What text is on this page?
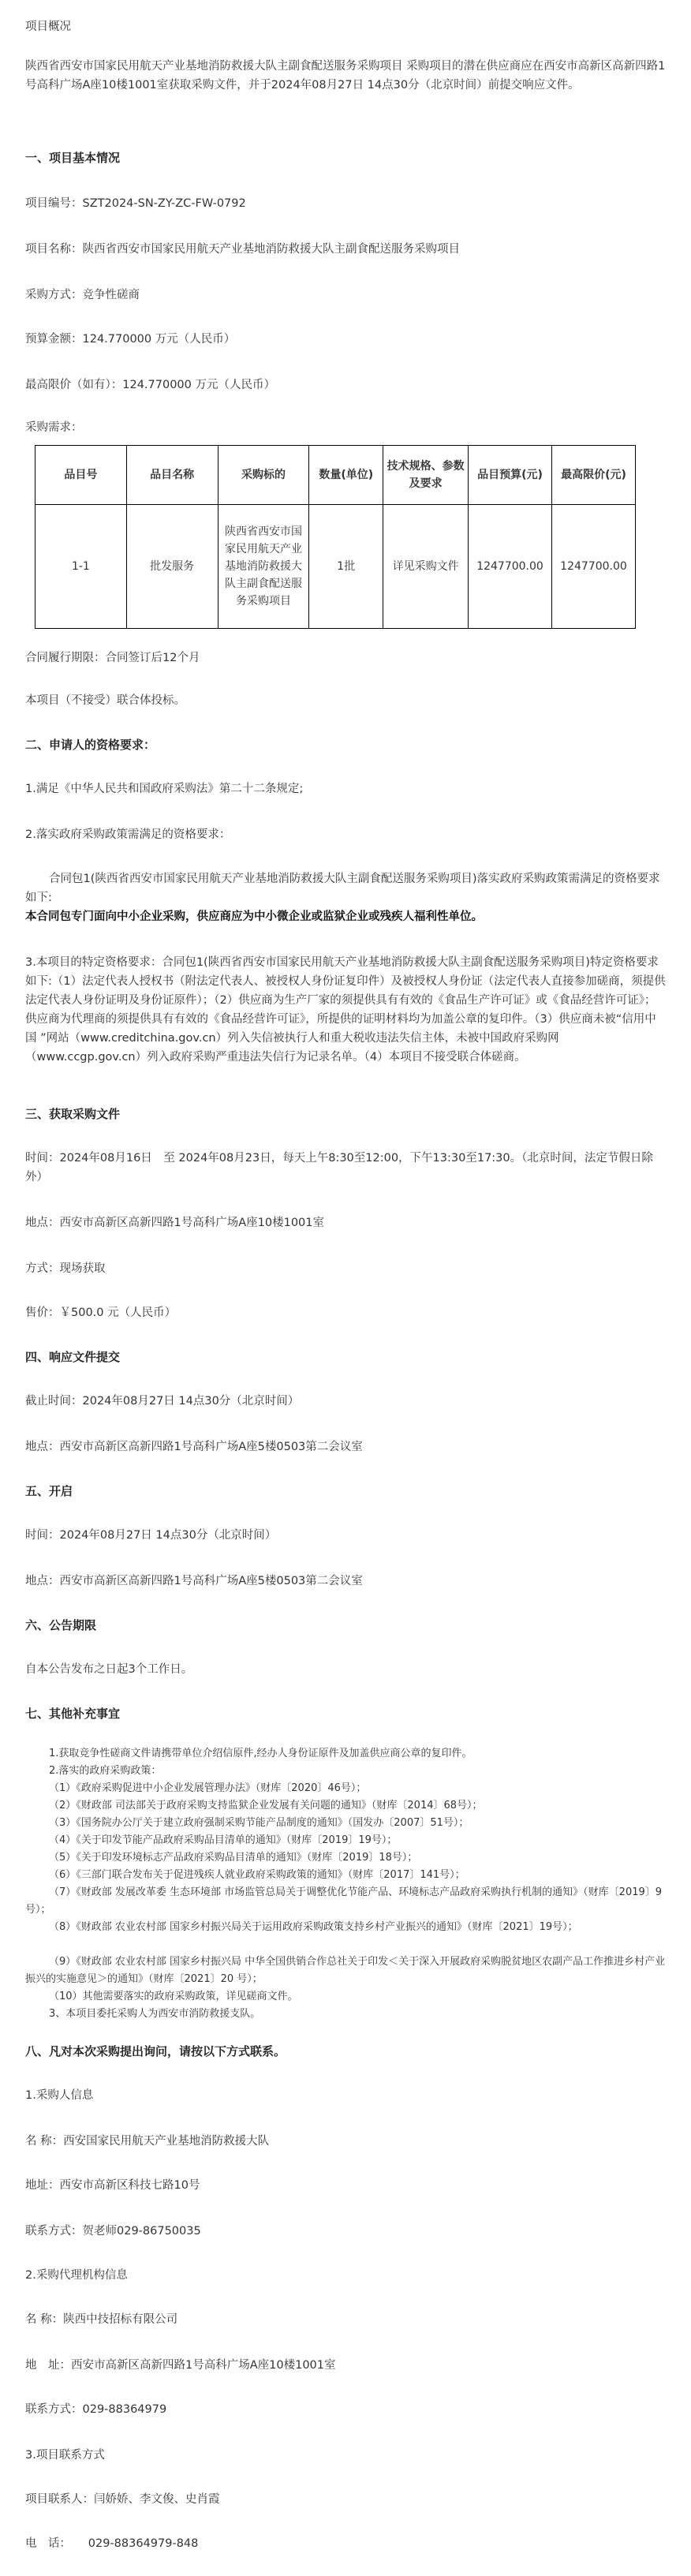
项目概况
陕西省西安市国家民用航天产业基地消防救援大队主副食配送服务采购项目 采购项目的潜在供应商应在西安市高新区高新四路1号高科广场A座10楼1001室获取采购文件，并于2024年08月27日 14点30分（北京时间）前提交响应文件。
一、项目基本情况
项目编号：SZT2024-SN-ZY-ZC-FW-0792
项目名称：陕西省西安市国家民用航天产业基地消防救援大队主副食配送服务采购项目
采购方式：竞争性磋商
预算金额：124.770000 万元（人民币）
最高限价（如有）：124.770000 万元（人民币）
采购需求：
品目号	品目名称	采购标的	数量(单位)	技术规格、参数及要求	品目预算(元)	最高限价(元)
1-1	批发服务	陕西省西安市国家民用航天产业基地消防救援大队主副食配送服务采购项目	1批	详见采购文件	1247700.00	1247700.00
合同履行期限：合同签订后12个月
本项目（不接受）联合体投标。
二、申请人的资格要求：
1.满足《中华人民共和国政府采购法》第二十二条规定;
2.落实政府采购政策需满足的资格要求：
合同包1(陕西省西安市国家民用航天产业基地消防救援大队主副食配送服务采购项目)落实政府采购政策需满足的资格要求如下:
本合同包专门面向中小企业采购，供应商应为中小微企业或监狱企业或残疾人福利性单位。
3.本项目的特定资格要求：合同包1(陕西省西安市国家民用航天产业基地消防救援大队主副食配送服务采购项目)特定资格要求如下:（1）法定代表人授权书（附法定代表人、被授权人身份证复印件）及被授权人身份证（法定代表人直接参加磋商，须提供法定代表人身份证明及身份证原件）；（2）供应商为生产厂家的须提供具有有效的《食品生产许可证》或《食品经营许可证》；供应商为代理商的须提供具有有效的《食品经营许可证》，所提供的证明材料均为加盖公章的复印件。（3）供应商未被“信用中国 ”网站（www.creditchina.gov.cn）列入失信被执行人和重大税收违法失信主体，未被中国政府采购网（www.ccgp.gov.cn）列入政府采购严重违法失信行为记录名单。（4）本项目不接受联合体磋商。
三、获取采购文件
时间：2024年08月16日　至 2024年08月23日，每天上午8:30至12:00，下午13:30至17:30。（北京时间，法定节假日除外）
地点：西安市高新区高新四路1号高科广场A座10楼1001室
方式：现场获取
售价：￥500.0 元（人民币）
四、响应文件提交
截止时间：2024年08月27日 14点30分（北京时间）
地点：西安市高新区高新四路1号高科广场A座5楼0503第二会议室
五、开启
时间：2024年08月27日 14点30分（北京时间）
地点：西安市高新区高新四路1号高科广场A座5楼0503第二会议室
六、公告期限
自本公告发布之日起3个工作日。
七、其他补充事宜
1.获取竞争性磋商文件请携带单位介绍信原件,经办人身份证原件及加盖供应商公章的复印件。
2.落实的政府采购政策：
（1）《政府采购促进中小企业发展管理办法》（财库〔2020〕46号）；
（2）《财政部 司法部关于政府采购支持监狱企业发展有关问题的通知》（财库〔2014〕68号）；
（3）《国务院办公厅关于建立政府强制采购节能产品制度的通知》（国发办〔2007〕51号）；
（4）《关于印发节能产品政府采购品目清单的通知》（财库〔2019〕19号）；
（5）《关于印发环境标志产品政府采购品目清单的通知》（财库〔2019〕18号）；
（6）《三部门联合发布关于促进残疾人就业政府采购政策的通知》（财库〔2017〕141号）；
（7）《财政部 发展改革委 生态环境部 市场监管总局关于调整优化节能产品、环境标志产品政府采购执行机制的通知》（财库〔2019〕9号）；
（8）《财政部 农业农村部 国家乡村振兴局关于运用政府采购政策支持乡村产业振兴的通知》（财库〔2021〕19号）；
（9）《财政部 农业农村部 国家乡村振兴局 中华全国供销合作总社关于印发＜关于深入开展政府采购脱贫地区农副产品工作推进乡村产业振兴的实施意见＞的通知》（财库〔2021〕20 号）；
（10）其他需要落实的政府采购政策，详见磋商文件。
3、本项目委托采购人为西安市消防救援支队。
八、凡对本次采购提出询问，请按以下方式联系。
1.采购人信息
名 称：西安国家民用航天产业基地消防救援大队
地址：西安市高新区科技七路10号
联系方式：贺老师029-86750035
2.采购代理机构信息
名 称：陕西中技招标有限公司
地　址：西安市高新区高新四路1号高科广场A座10楼1001室
联系方式：029-88364979
3.项目联系方式
项目联系人：闫娇娇、李文俊、史肖霞
电　话：　　029-88364979-848
